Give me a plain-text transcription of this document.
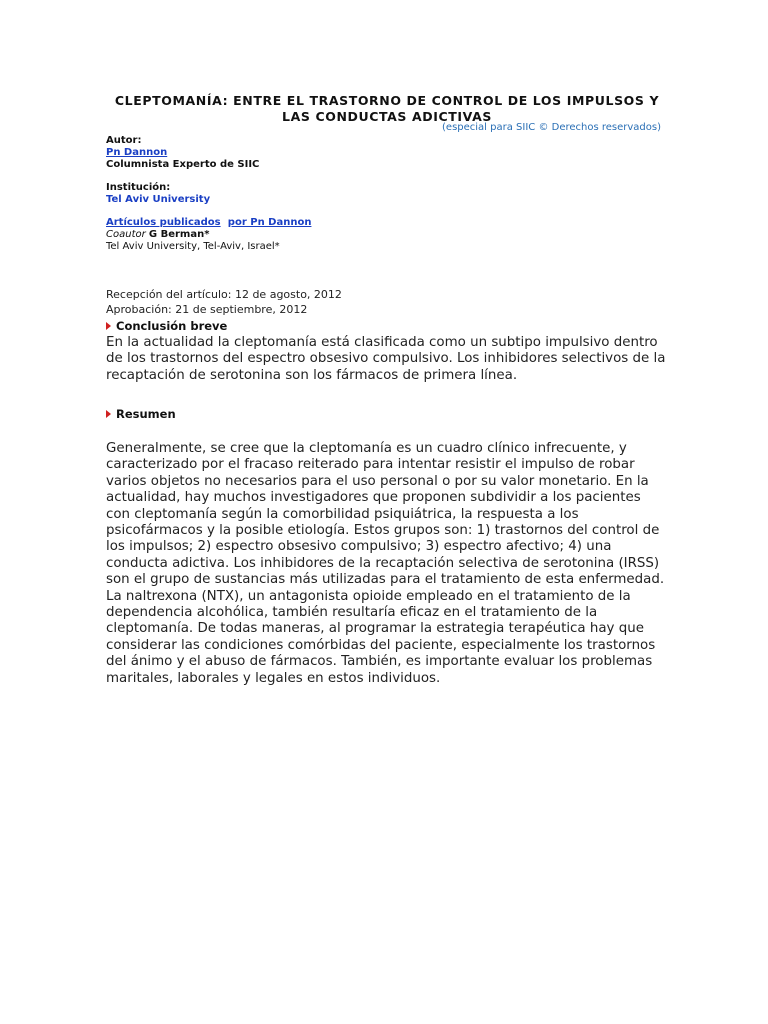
CLEPTOMANÍA: ENTRE EL TRASTORNO DE CONTROL DE LOS IMPULSOS Y LAS CONDUCTAS ADICTIVAS
(especial para SIIC © Derechos reservados)
Autor:
Pn Dannon
Columnista Experto de SIIC
Institución:
Tel Aviv University
Artículos publicados por Pn Dannon
Coautor G Berman*
Tel Aviv University, Tel-Aviv, Israel*
Recepción del artículo: 12 de agosto, 2012
Aprobación: 21 de septiembre, 2012
Conclusión breve
En la actualidad la cleptomanía está clasificada como un subtipo impulsivo dentro de los trastornos del espectro obsesivo compulsivo. Los inhibidores selectivos de la recaptación de serotonina son los fármacos de primera línea.
Resumen
Generalmente, se cree que la cleptomanía es un cuadro clínico infrecuente, y caracterizado por el fracaso reiterado para intentar resistir el impulso de robar varios objetos no necesarios para el uso personal o por su valor monetario. En la actualidad, hay muchos investigadores que proponen subdividir a los pacientes con cleptomanía según la comorbilidad psiquiátrica, la respuesta a los psicofármacos y la posible etiología. Estos grupos son: 1) trastornos del control de los impulsos; 2) espectro obsesivo compulsivo; 3) espectro afectivo; 4) una conducta adictiva. Los inhibidores de la recaptación selectiva de serotonina (IRSS) son el grupo de sustancias más utilizadas para el tratamiento de esta enfermedad. La naltrexona (NTX), un antagonista opioide empleado en el tratamiento de la dependencia alcohólica, también resultaría eficaz en el tratamiento de la cleptomanía. De todas maneras, al programar la estrategia terapéutica hay que considerar las condiciones comórbidas del paciente, especialmente los trastornos del ánimo y el abuso de fármacos. También, es importante evaluar los problemas maritales, laborales y legales en estos individuos.
